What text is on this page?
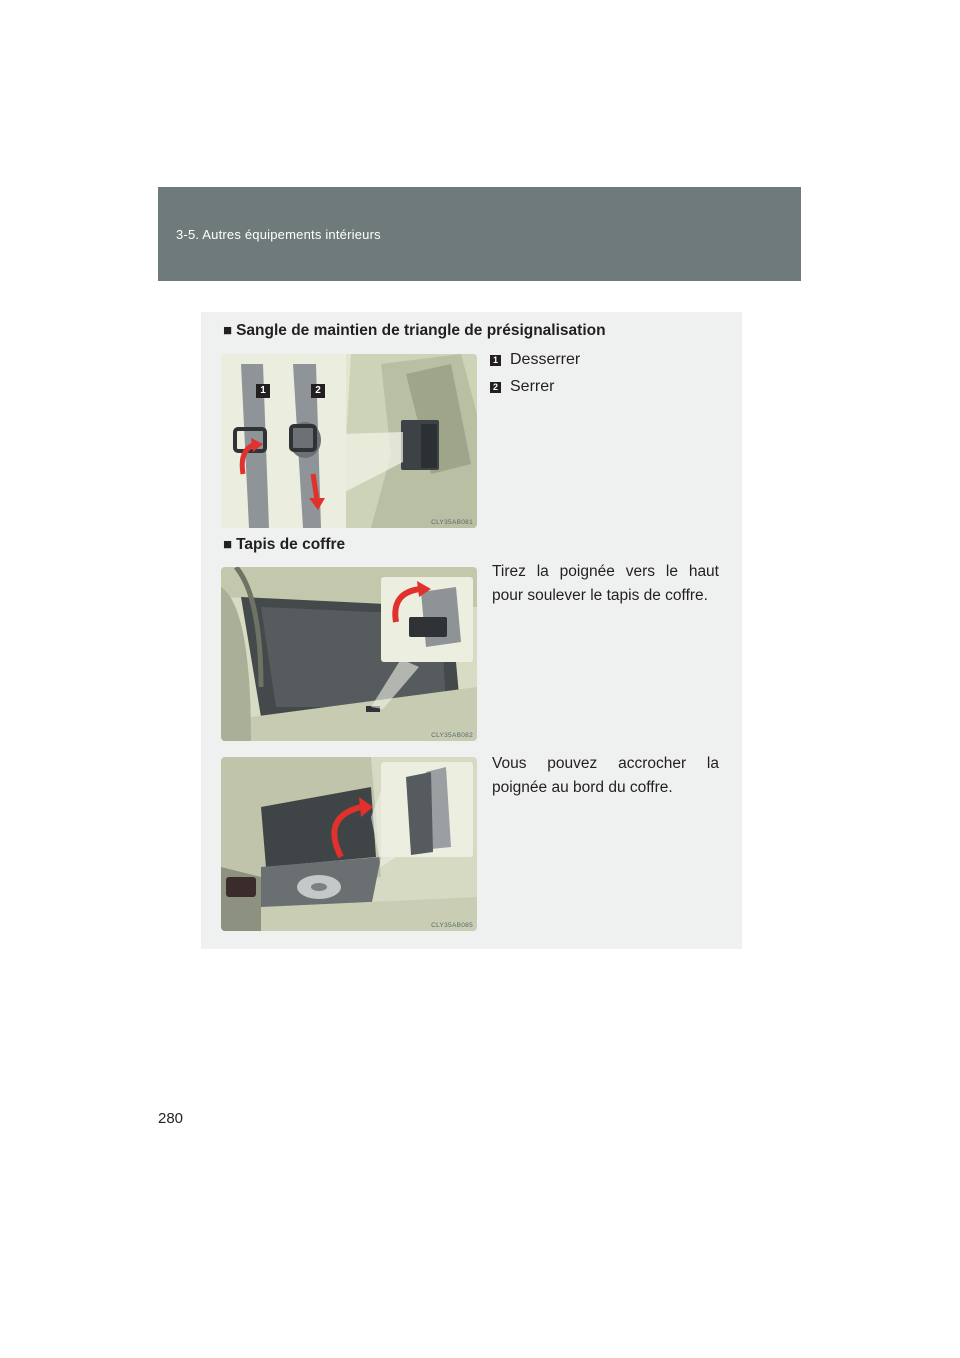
3-5. Autres équipements intérieurs
■ Sangle de maintien de triangle de présignalisation
1	2
CLY35AB081
1 Desserrer
2 Serrer
■ Tapis de coffre
CLY35AB082
Tirez la poignée vers le haut pour soulever le tapis de coffre.
CLY35AB085
Vous pouvez accrocher la poignée au bord du coffre.
280
